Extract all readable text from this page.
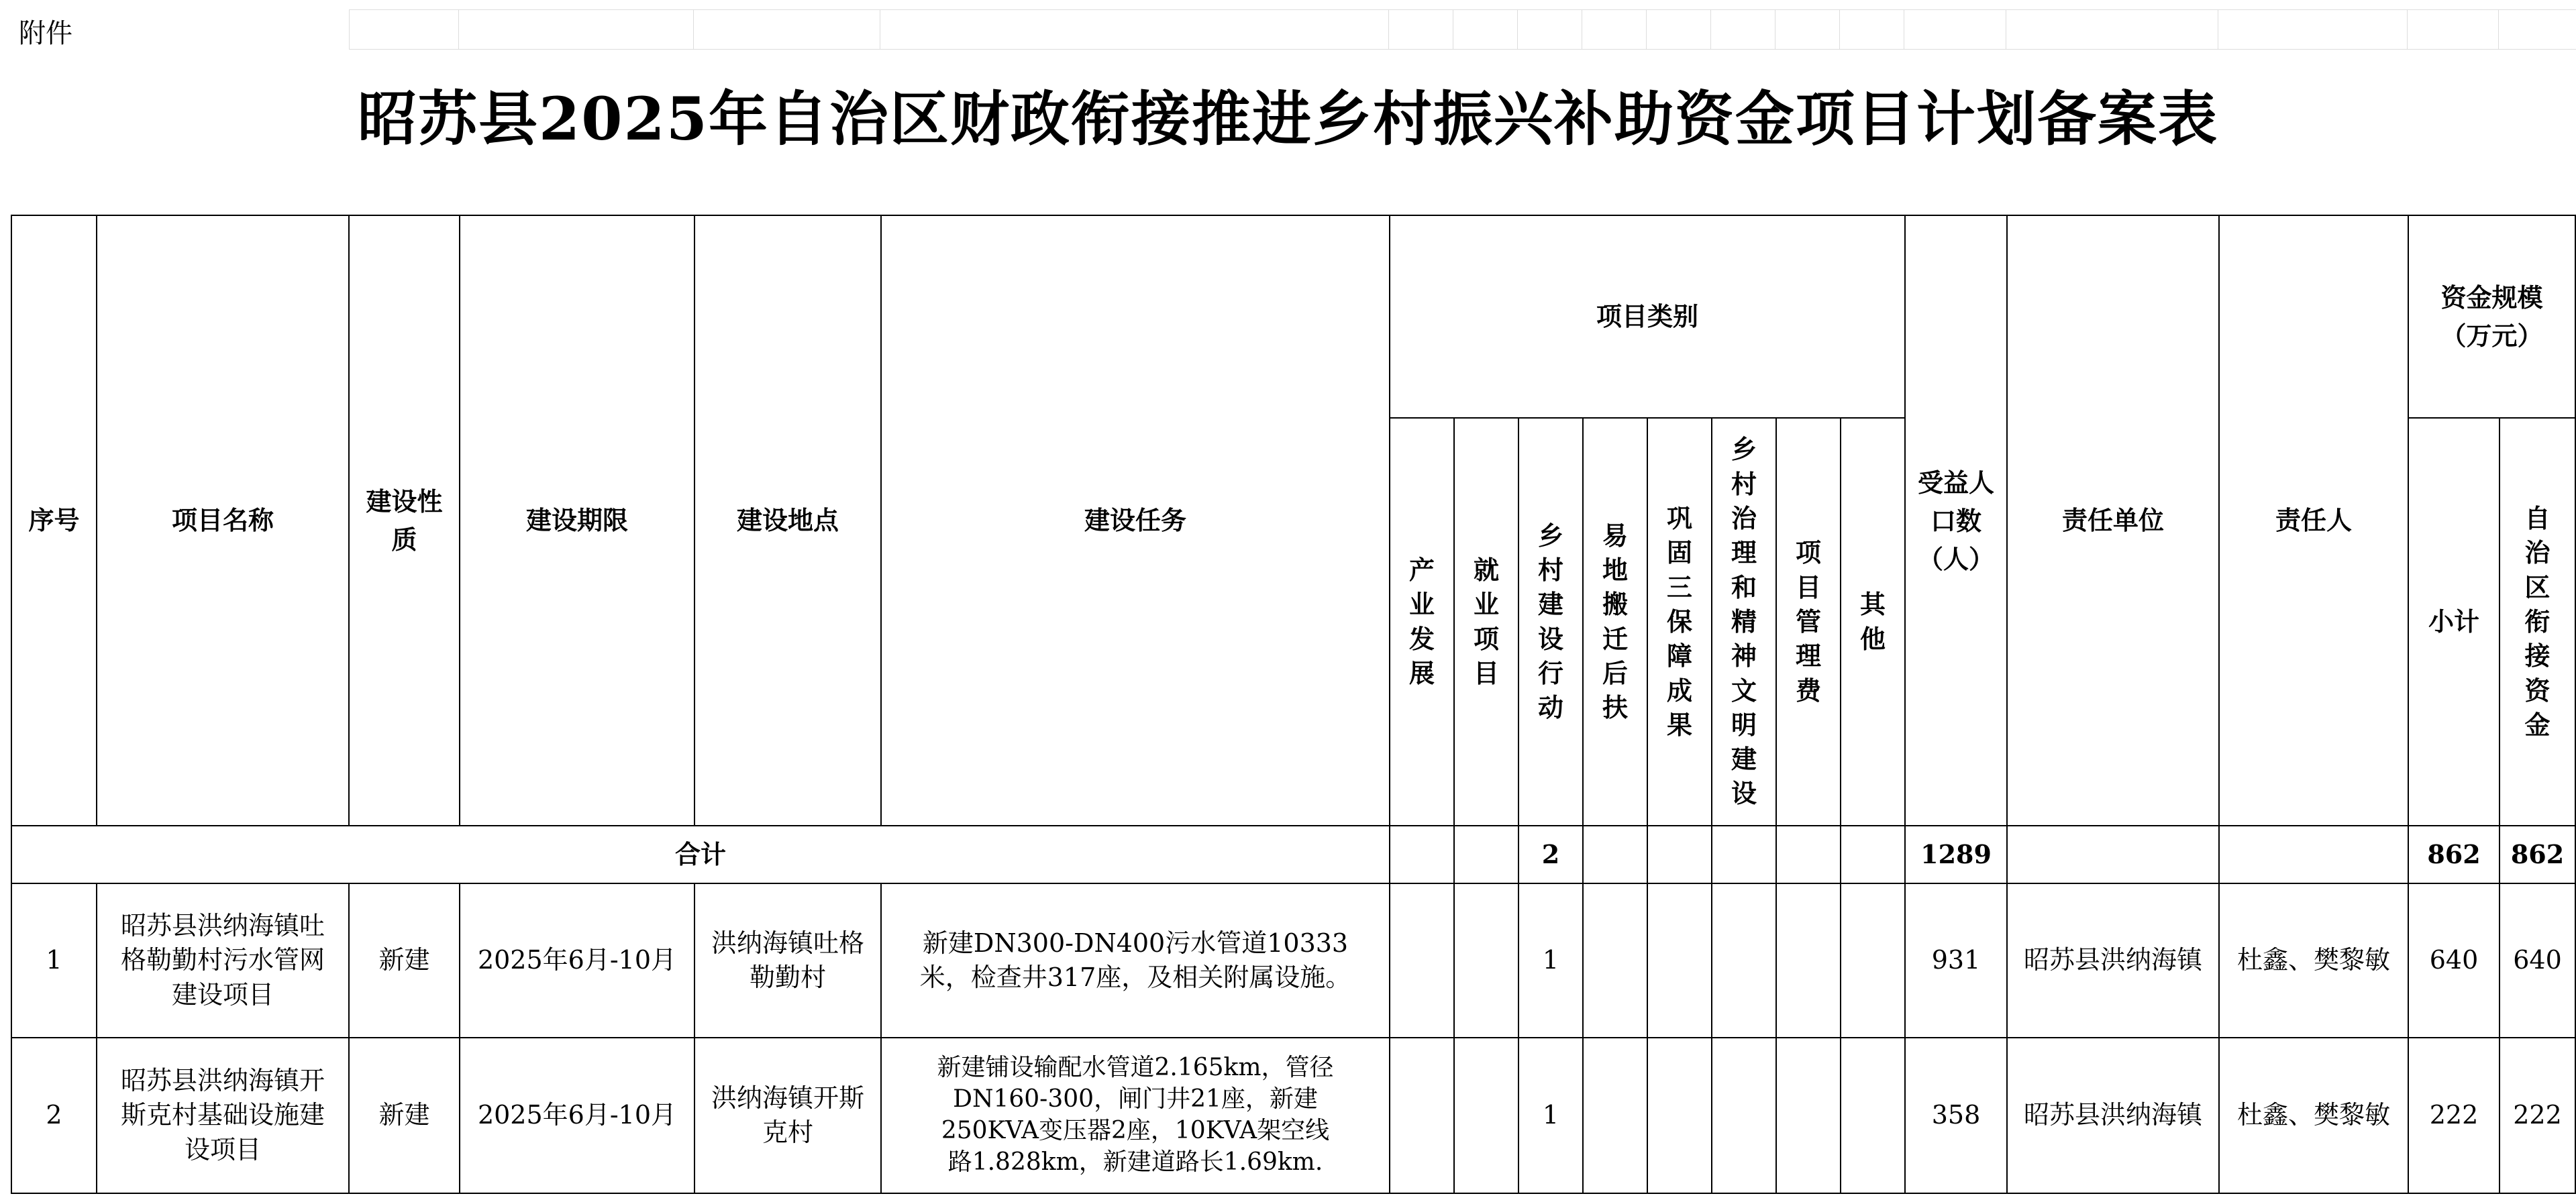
附件
昭苏县2025年自治区财政衔接推进乡村振兴补助资金项目计划备案表
序号	项目名称	建设性质	建设期限	建设地点	建设任务	项目类别								受益人口数（人）	责任单位	责任人	资金规模（万元）	
						产业发展	就业项目	乡村建设行动	易地搬迁后扶	巩固三保障成果	乡村治理和精神文明建设	项目管理费	其他				小计	自治区衔接资金
合计								2						1289			862	862
1	昭苏县洪纳海镇吐格勒勤村污水管网建设项目	新建	2025年6月-10月	洪纳海镇吐格勒勤村	新建DN300-DN400污水管道10333米，检查井317座，及相关附属设施。			1						931	昭苏县洪纳海镇	杜鑫、樊黎敏	640	640
2	昭苏县洪纳海镇开斯克村基础设施建设项目	新建	2025年6月-10月	洪纳海镇开斯克村	新建铺设输配水管道2.165km，管径DN160-300，闸门井21座，新建250KVA变压器2座，10KVA架空线路1.828km，新建道路长1.69km.			1						358	昭苏县洪纳海镇	杜鑫、樊黎敏	222	222
